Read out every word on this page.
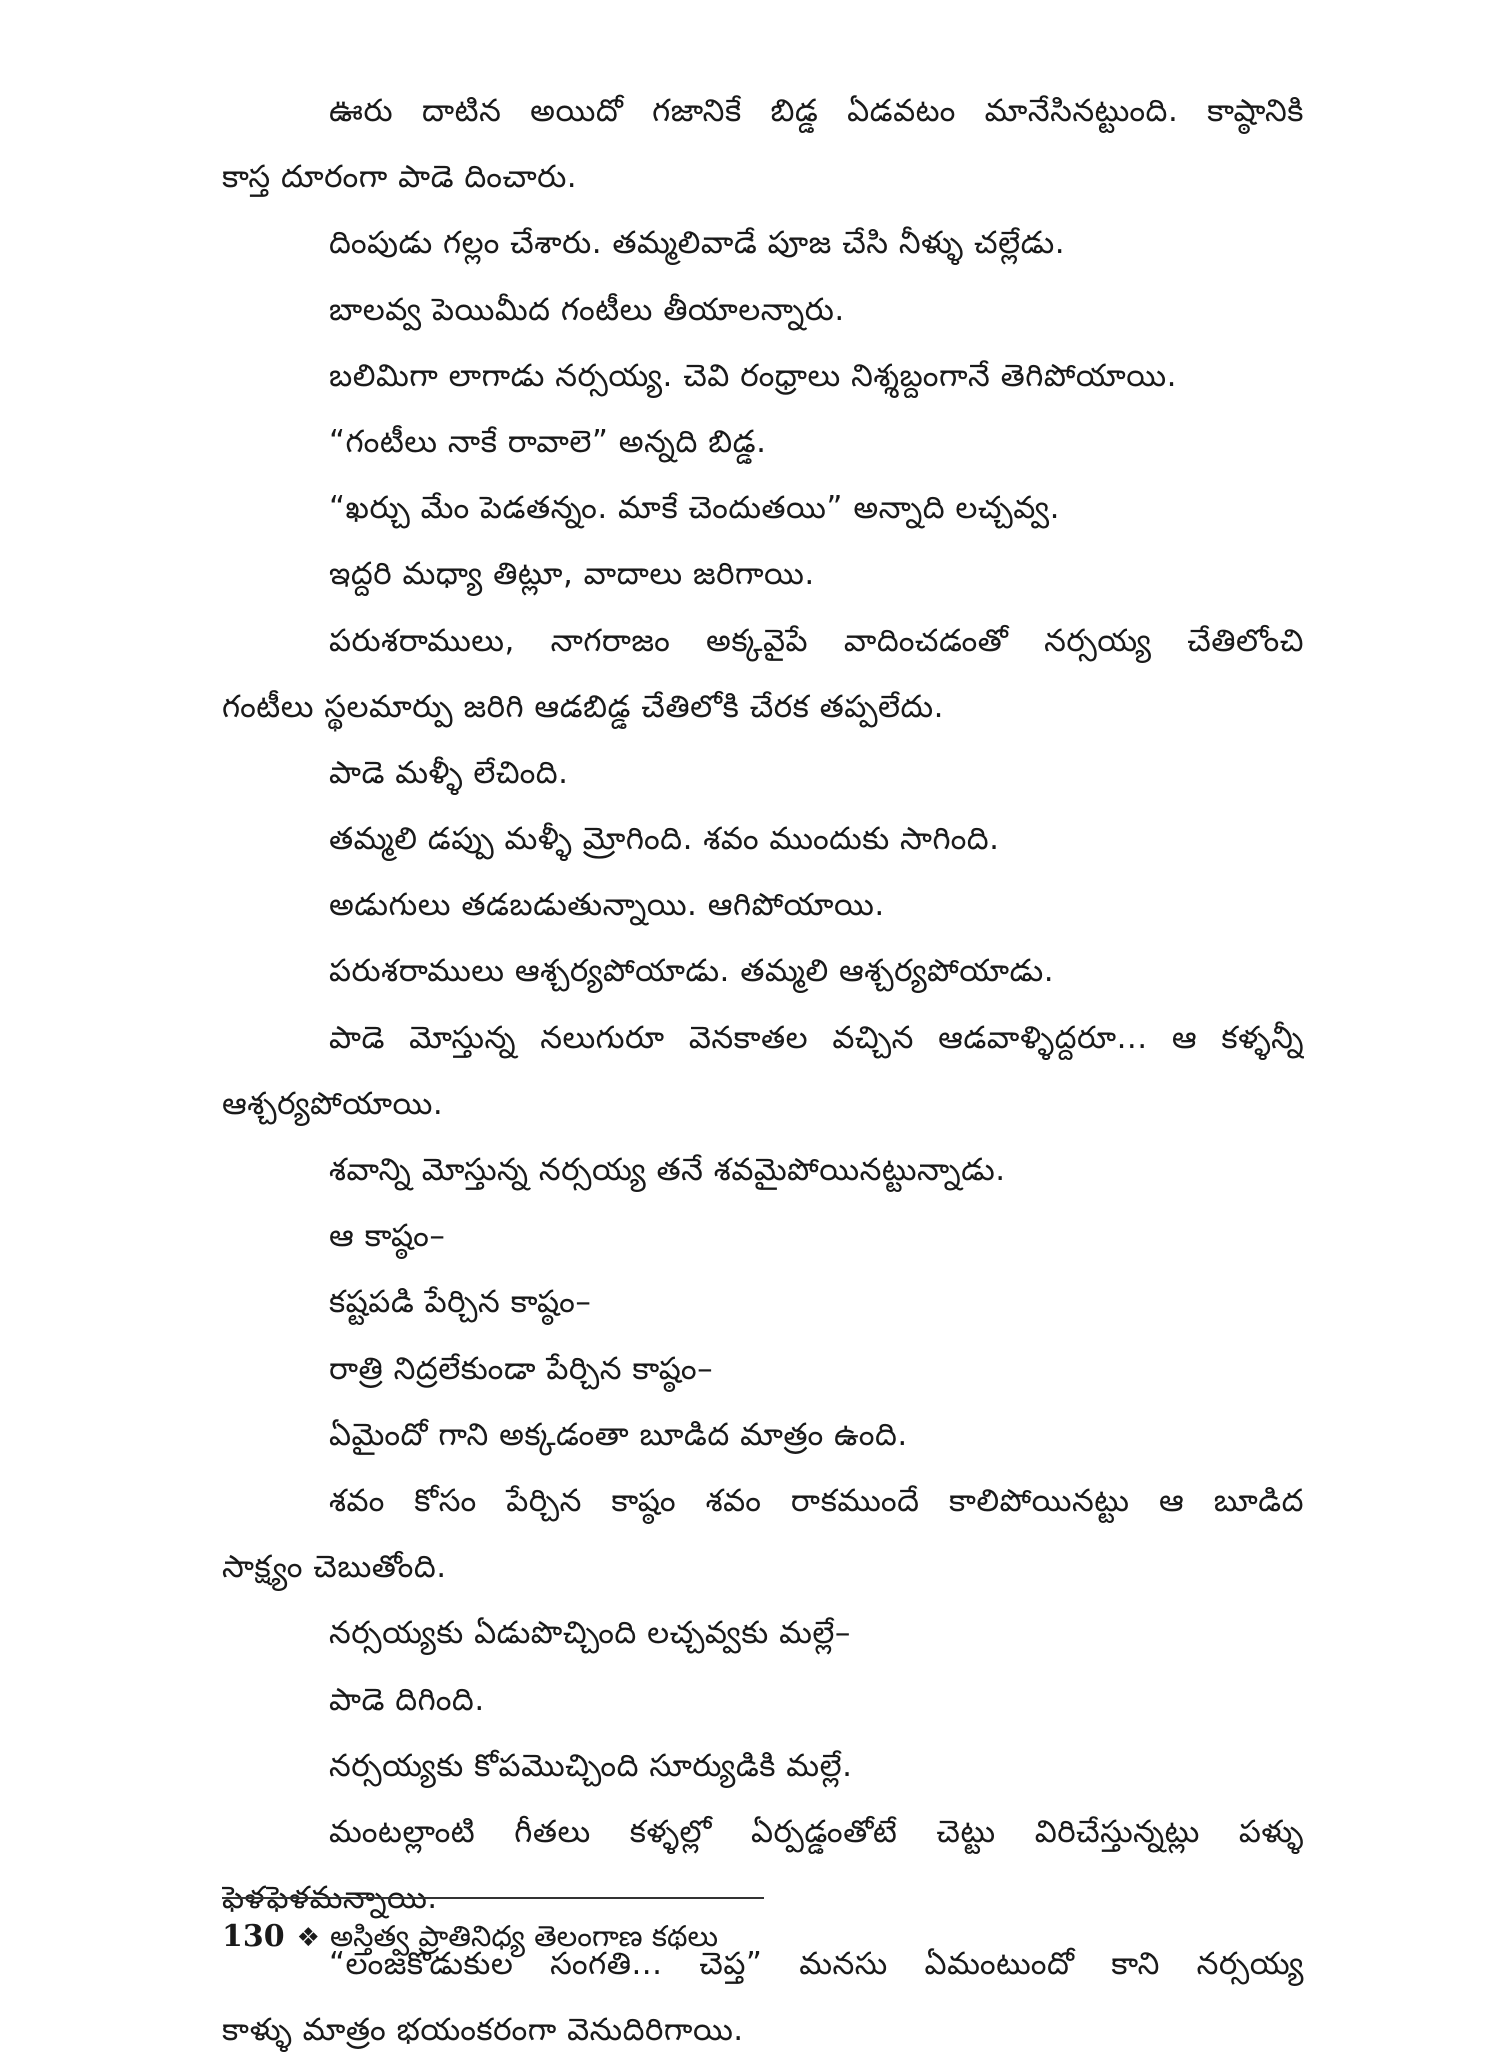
ఊరు దాటిన అయిదో గజానికే బిడ్డ ఏడవటం మానేసినట్టుంది. కాష్ఠానికి
కాస్త దూరంగా పాడె దించారు.
దింపుడు గల్లం చేశారు. తమ్మలివాడే పూజ చేసి నీళ్ళు చల్లేడు.
బాలవ్వ పెయిమీద గంటీలు తీయాలన్నారు.
బలిమిగా లాగాడు నర్సయ్య. చెవి రంధ్రాలు నిశ్శబ్దంగానే తెగిపోయాయి.
“గంటీలు నాకే రావాలె” అన్నది బిడ్డ.
“ఖర్చు మేం పెడతన్నం. మాకే చెందుతయి” అన్నాది లచ్చవ్వ.
ఇద్దరి మధ్యా తిట్లూ, వాదాలు జరిగాయి.
పరుశరాములు, నాగరాజం అక్కవైపే వాదించడంతో నర్సయ్య చేతిలోంచి
గంటీలు స్థలమార్పు జరిగి ఆడబిడ్డ చేతిలోకి చేరక తప్పలేదు.
పాడె మళ్ళీ లేచింది.
తమ్మలి డప్పు మళ్ళీ మ్రోగింది. శవం ముందుకు సాగింది.
అడుగులు తడబడుతున్నాయి. ఆగిపోయాయి.
పరుశరాములు ఆశ్చర్యపోయాడు. తమ్మలి ఆశ్చర్యపోయాడు.
పాడె మోస్తున్న నలుగురూ వెనకాతల వచ్చిన ఆడవాళ్ళిద్దరూ... ఆ కళ్ళన్నీ
ఆశ్చర్యపోయాయి.
శవాన్ని మోస్తున్న నర్సయ్య తనే శవమైపోయినట్టున్నాడు.
ఆ కాష్ఠం–
కష్టపడి పేర్చిన కాష్ఠం–
రాత్రి నిద్రలేకుండా పేర్చిన కాష్ఠం–
ఏమైందో గాని అక్కడంతా బూడిద మాత్రం ఉంది.
శవం కోసం పేర్చిన కాష్ఠం శవం రాకముందే కాలిపోయినట్టు ఆ బూడిద
సాక్ష్యం చెబుతోంది.
నర్సయ్యకు ఏడుపొచ్చింది లచ్చవ్వకు మల్లే–
పాడె దిగింది.
నర్సయ్యకు కోపమొచ్చింది సూర్యుడికి మల్లే.
మంటల్లాంటి గీతలు కళ్ళల్లో ఏర్పడ్డంతోటే చెట్టు విరిచేస్తున్నట్లు పళ్ళు
ఫెళఫెళమన్నాయి.
“లంజకొడుకుల సంగతి... చెప్త” మనసు ఏమంటుందో కాని నర్సయ్య
కాళ్ళు మాత్రం భయంకరంగా వెనుదిరిగాయి.
130 ❖ అస్తిత్వ ప్రాతినిధ్య తెలంగాణ కథలు
